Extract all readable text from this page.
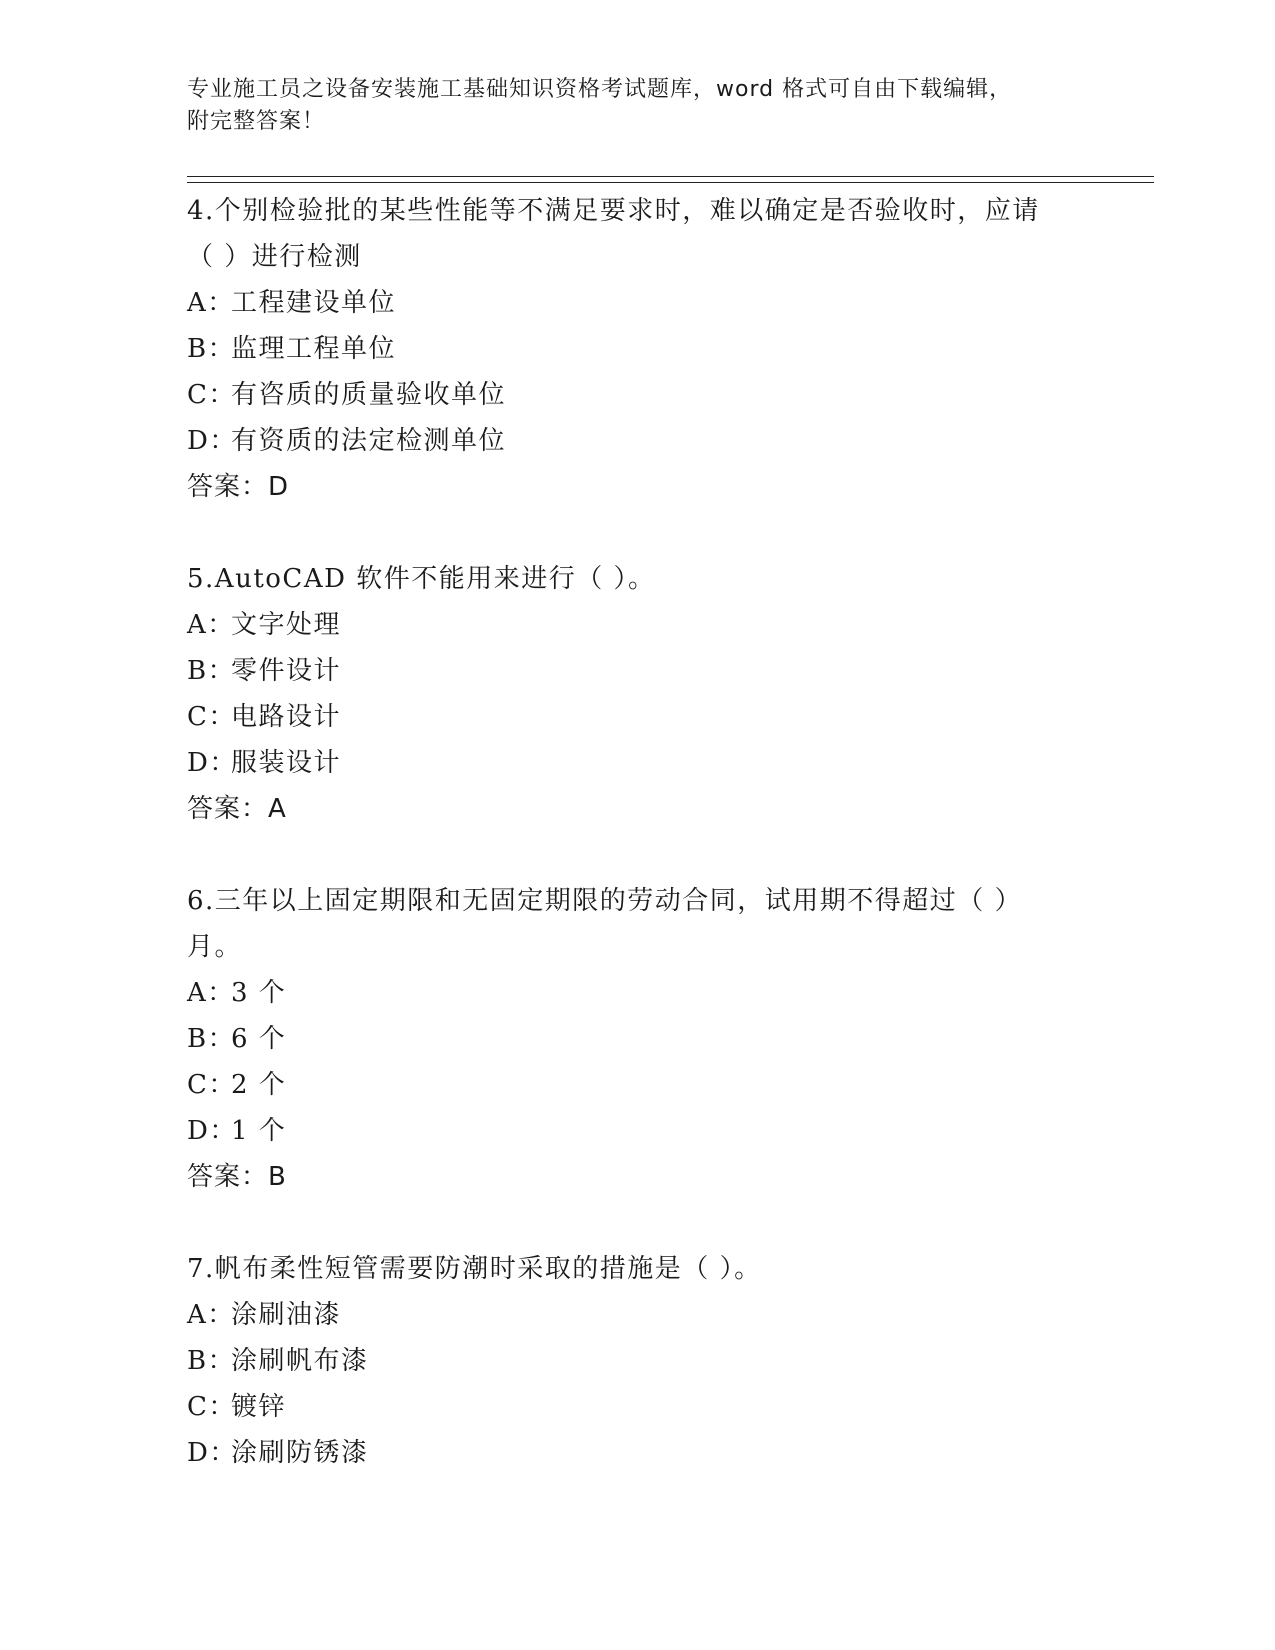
专业施工员之设备安装施工基础知识资格考试题库，word 格式可自由下载编辑，
附完整答案！
4.个别检验批的某些性能等不满足要求时，难以确定是否验收时，应请（ ）进行检测
A：工程建设单位
B：监理工程单位
C：有咨质的质量验收单位
D：有资质的法定检测单位
答案：D
5.AutoCAD 软件不能用来进行（ ）。
A：文字处理
B：零件设计
C：电路设计
D：服装设计
答案：A
6.三年以上固定期限和无固定期限的劳动合同，试用期不得超过（ ）月。
A：3 个
B：6 个
C：2 个
D：1 个
答案：B
7.帆布柔性短管需要防潮时采取的措施是（ ）。
A：涂刷油漆
B：涂刷帆布漆
C：镀锌
D：涂刷防锈漆
